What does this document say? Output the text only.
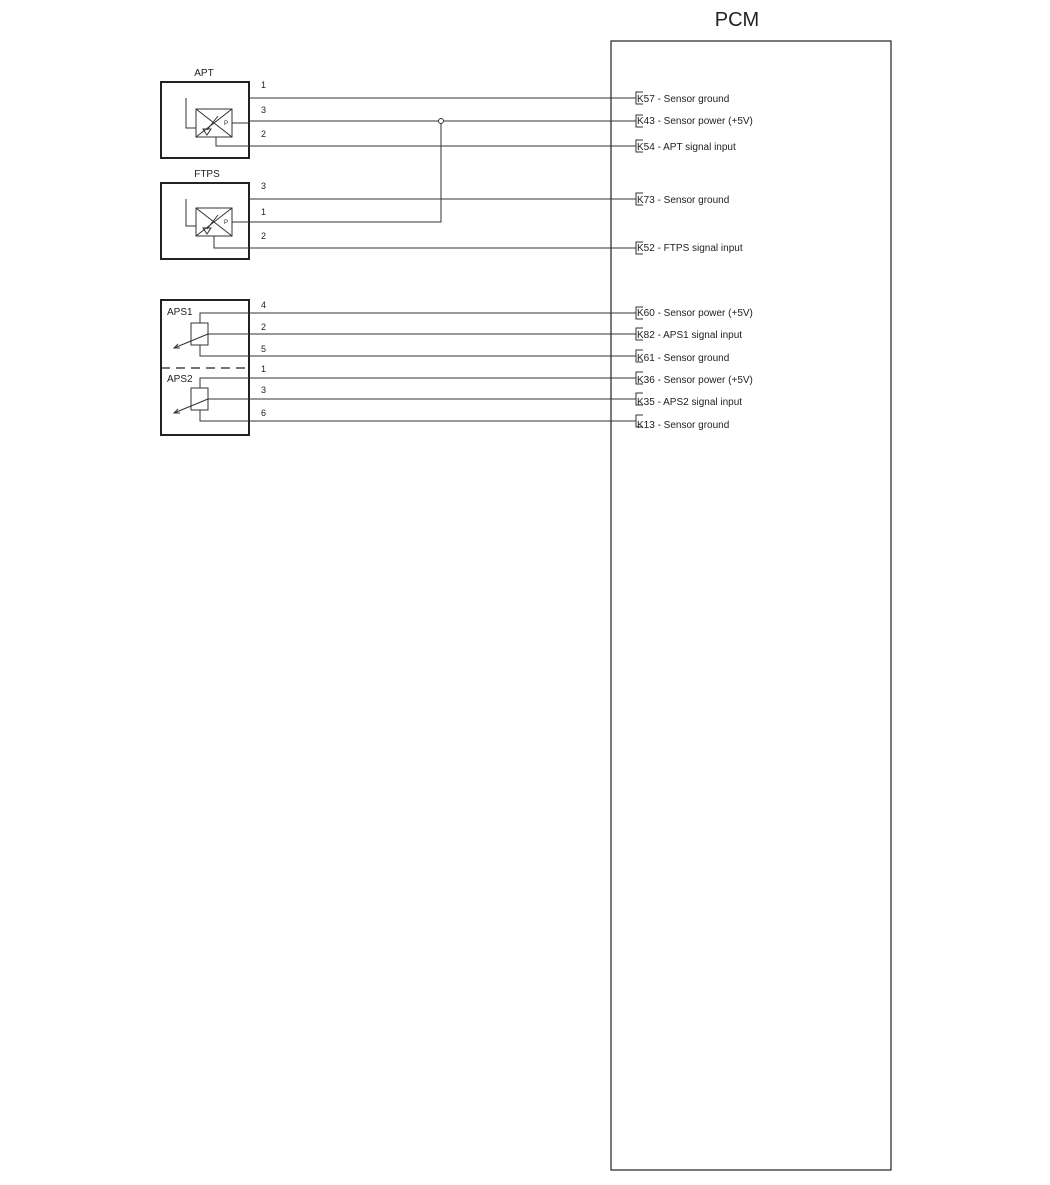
PCM
APT
P
1
3
2
FTPS
P
3
1
2
APS1
APS2
4
2
5
1
3
6
K57 - Sensor ground
K43 - Sensor power (+5V)
K54 - APT signal input
K73 - Sensor ground
K52 - FTPS signal input
K60 - Sensor power (+5V)
K82 - APS1 signal input
K61 - Sensor ground
K36 - Sensor power (+5V)
K35 - APS2 signal input
K13 - Sensor ground
